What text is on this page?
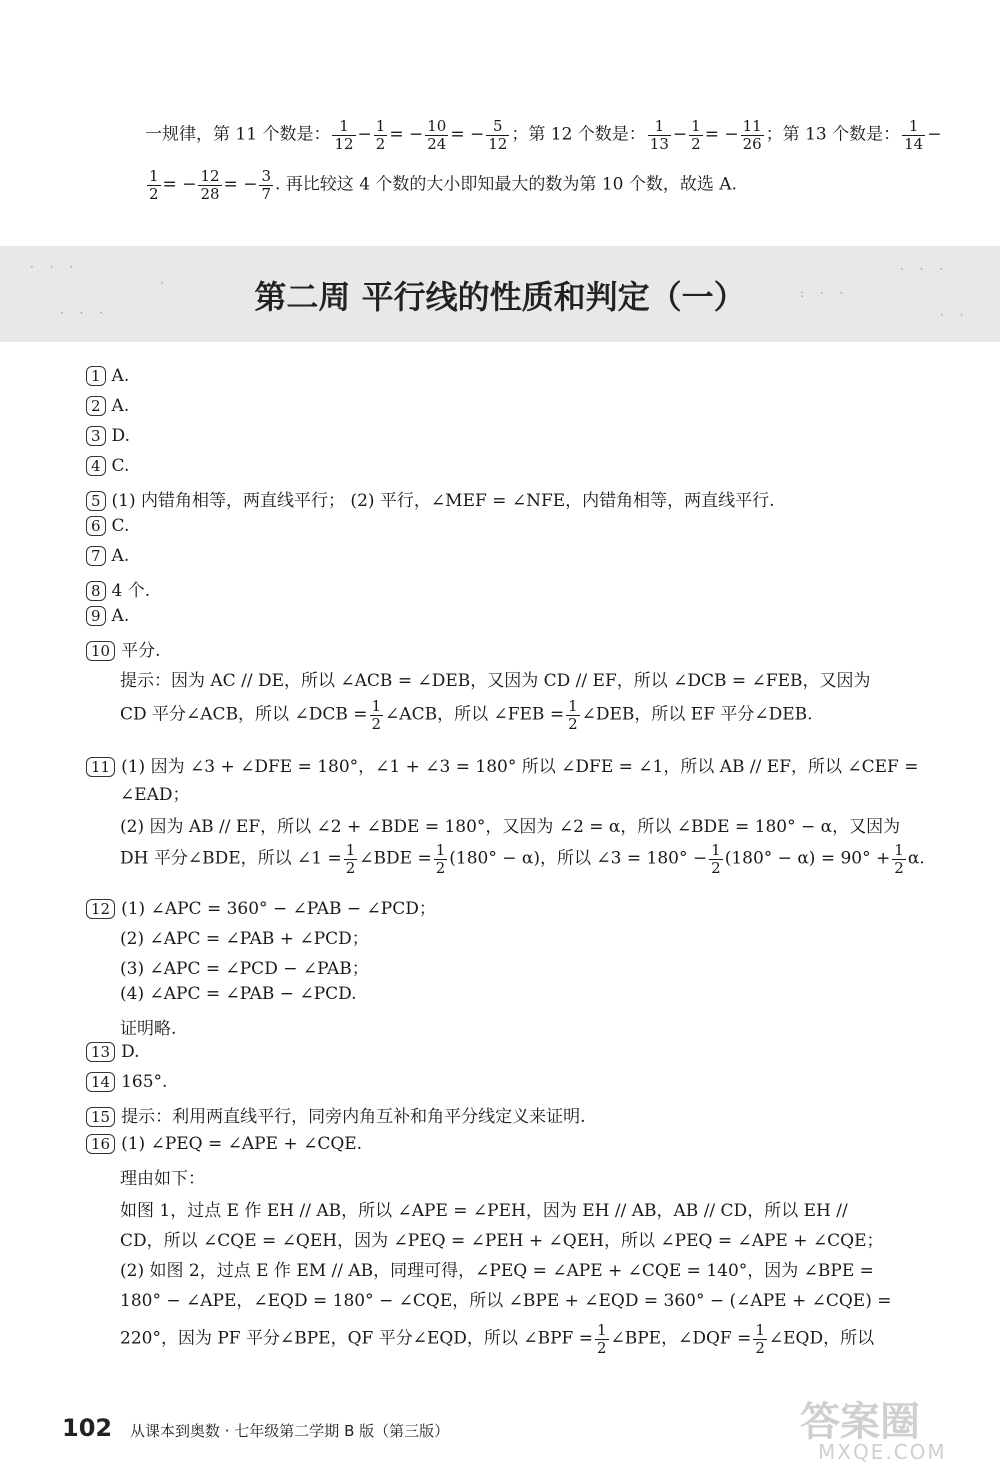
一规律，第 11 个数是： $\frac{1}{12} - \frac{1}{2}$ = − $\frac{10}{24}$ = − $\frac{5}{12}$ ；第 12 个数是： $\frac{1}{13} - \frac{1}{2}$ = − $\frac{11}{26}$ ；第 13 个数是： $\frac{1}{14}$ −
$\frac{1}{2}$ = − $\frac{12}{28}$ = − $\frac{3}{7}$ . 再比较这 4 个数的大小即知最大的数为第 10 个数，故选 A.
· · ·
· · ·
·
: · ·
· · ·
· ·
第二周 平行线的性质和判定（一）
1 A.
2 A.
3 D.
4 C.
5 (1) 内错角相等，两直线平行； (2) 平行，∠MEF = ∠NFE，内错角相等，两直线平行.
6 C.
7 A.
8 4 个.
9 A.
10 平分.
提示：因为 AC // DE，所以 ∠ACB = ∠DEB，又因为 CD // EF，所以 ∠DCB = ∠FEB，又因为
CD 平分∠ACB，所以 ∠DCB = $\frac{1}{2}$ ∠ACB，所以 ∠FEB = $\frac{1}{2}$ ∠DEB，所以 EF 平分∠DEB.
11 (1) 因为 ∠3 + ∠DFE = 180°，∠1 + ∠3 = 180° 所以 ∠DFE = ∠1，所以 AB // EF，所以 ∠CEF =
∠EAD；
(2) 因为 AB // EF，所以 ∠2 + ∠BDE = 180°，又因为 ∠2 = α，所以 ∠BDE = 180° − α，又因为
DH 平分∠BDE，所以 ∠1 = $\frac{1}{2}$ ∠BDE = $\frac{1}{2} (180^\circ - \alpha)$，所以 ∠3 = $180^\circ - \frac{1}{2} (180^\circ - \alpha) = 90^\circ + \frac{1}{2} \alpha$.
12 (1) ∠APC = 360° − ∠PAB − ∠PCD；
(2) ∠APC = ∠PAB + ∠PCD；
(3) ∠APC = ∠PCD − ∠PAB；
(4) ∠APC = ∠PAB − ∠PCD.
证明略.
13 D.
14 165°.
15 提示：利用两直线平行，同旁内角互补和角平分线定义来证明.
16 (1) ∠PEQ = ∠APE + ∠CQE.
理由如下：
如图 1，过点 E 作 EH // AB，所以 ∠APE = ∠PEH，因为 EH // AB，AB // CD，所以 EH //
CD，所以 ∠CQE = ∠QEH，因为 ∠PEQ = ∠PEH + ∠QEH，所以 ∠PEQ = ∠APE + ∠CQE；
(2) 如图 2，过点 E 作 EM // AB，同理可得，∠PEQ = ∠APE + ∠CQE = 140°，因为 ∠BPE =
180° − ∠APE，∠EQD = 180° − ∠CQE，所以 ∠BPE + ∠EQD = 360° − (∠APE + ∠CQE) =
220°，因为 PF 平分∠BPE，QF 平分∠EQD，所以 ∠BPF = $\frac{1}{2}$ ∠BPE，∠DQF = $\frac{1}{2}$ ∠EQD，所以
102 从课本到奥数 · 七年级第二学期 B 版（第三版）	答案圈
MXQE.COM
